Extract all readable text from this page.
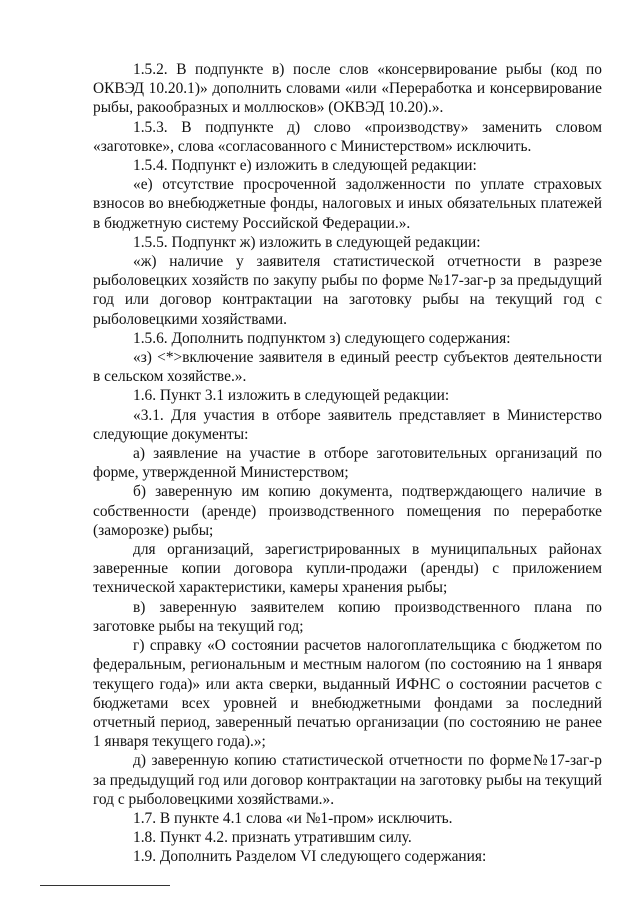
1.5.2. В подпункте в) после слов «консервирование рыбы (код по ОКВЭД 10.20.1)» дополнить словами «или «Переработка и консервирование рыбы, ракообразных и моллюсков» (ОКВЭД 10.20).».

1.5.3. В подпункте д) слово «производству» заменить словом «заготовке», слова «согласованного с Министерством» исключить.

1.5.4. Подпункт е) изложить в следующей редакции:

«е) отсутствие просроченной задолженности по уплате страховых взносов во внебюджетные фонды, налоговых и иных обязательных платежей в бюджетную систему Российской Федерации.».

1.5.5. Подпункт ж) изложить в следующей редакции:

«ж) наличие у заявителя статистической отчетности в разрезе рыболовецких хозяйств по закупу рыбы по форме №17-заг-р за предыдущий год или договор контрактации на заготовку рыбы на текущий год с рыболовецкими хозяйствами.

1.5.6. Дополнить подпунктом з) следующего содержания:

«з) <*>включение заявителя в единый реестр субъектов деятельности в сельском хозяйстве.».

1.6. Пункт 3.1 изложить в следующей редакции:

«3.1. Для участия в отборе заявитель представляет в Министерство следующие документы:

а) заявление на участие в отборе заготовительных организаций по форме, утвержденной Министерством;

б) заверенную им копию документа, подтверждающего наличие в собственности (аренде) производственного помещения по переработке (заморозке) рыбы;

для организаций, зарегистрированных в муниципальных районах заверенные копии договора купли-продажи (аренды) с приложением технической характеристики, камеры хранения рыбы;

в) заверенную заявителем копию производственного плана по заготовке рыбы на текущий год;

г) справку «О состоянии расчетов налогоплательщика с бюджетом по федеральным, региональным и местным налогом (по состоянию на 1 января текущего года)» или акта сверки, выданный ИФНС о состоянии расчетов с бюджетами всех уровней и внебюджетными фондами за последний отчетный период, заверенный печатью организации (по состоянию не ранее 1 января текущего года).»;

д) заверенную копию статистической отчетности по форме№17-заг-р за предыдущий год или договор контрактации на заготовку рыбы на текущий год с рыболовецкими хозяйствами.».

1.7. В пункте 4.1 слова «и №1-пром» исключить.

1.8. Пункт 4.2. признать утратившим силу.

1.9. Дополнить Разделом VI следующего содержания:
